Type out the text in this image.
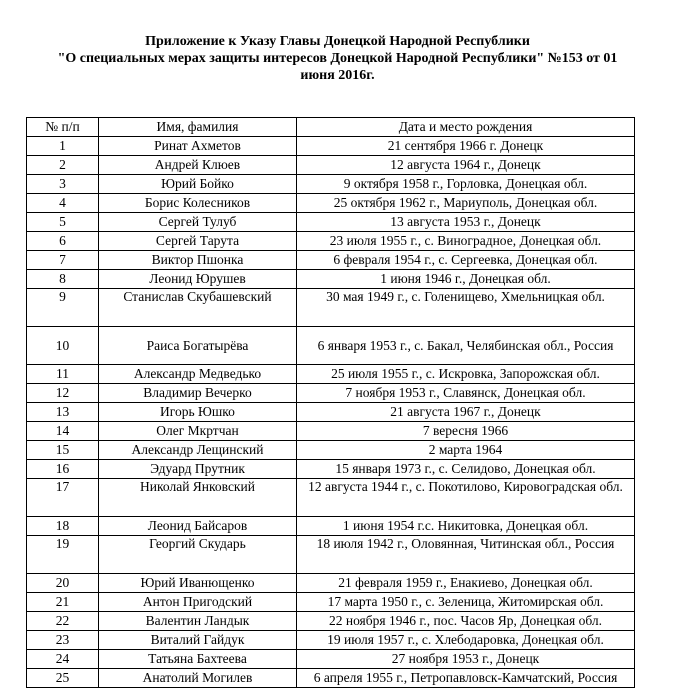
Приложение к Указу Главы Донецкой Народной Республики
"О специальных мерах защиты интересов Донецкой Народной Республики" №153 от 01
июня 2016г.
№ п/п	Имя, фамилия	Дата и место рождения
1	Ринат Ахметов	21 сентября 1966 г. Донецк
2	Андрей Клюев	12 августа 1964 г., Донецк
3	Юрий Бойко	9 октября 1958 г., Горловка, Донецкая обл.
4	Борис Колесников	25 октября 1962 г., Мариуполь, Донецкая обл.
5	Сергей Тулуб	13 августа 1953 г., Донецк
6	Сергей Тарута	23 июля 1955 г., с. Виноградное, Донецкая обл.
7	Виктор Пшонка	6 февраля 1954 г., с. Сергеевка, Донецкая обл.
8	Леонид Юрушев	1 июня 1946 г., Донецкая обл.
9	Станислав Скубашевский	30 мая 1949 г., с. Голенищево, Хмельницкая обл.
10	Раиса Богатырёва	6 января 1953 г., с. Бакал, Челябинская обл., Россия
11	Александр Медведько	25 июля 1955 г., с. Искровка, Запорожская обл.
12	Владимир Вечерко	7 ноября 1953 г., Славянск, Донецкая обл.
13	Игорь Юшко	21 августа 1967 г., Донецк
14	Олег Мкртчан	7 вересня 1966
15	Александр Лещинский	2 марта 1964
16	Эдуард Прутник	15 января 1973 г., с. Селидово, Донецкая обл.
17	Николай Янковский	12 августа 1944 г., с. Покотилово, Кировоградская обл.
18	Леонид Байсаров	1 июня 1954 г.с. Никитовка, Донецкая обл.
19	Георгий Скударь	18 июля 1942 г., Оловянная, Читинская обл., Россия
20	Юрий Иванющенко	21 февраля 1959 г., Енакиево, Донецкая обл.
21	Антон Пригодский	17 марта 1950 г., с. Зеленица, Житомирская обл.
22	Валентин Ландык	22 ноября 1946 г., пос. Часов Яр, Донецкая обл.
23	Виталий Гайдук	19 июля 1957 г., с. Хлебодаровка, Донецкая обл.
24	Татьяна Бахтеева	27 ноября 1953 г., Донецк
25	Анатолий Могилев	6 апреля 1955 г., Петропавловск-Камчатский, Россия
